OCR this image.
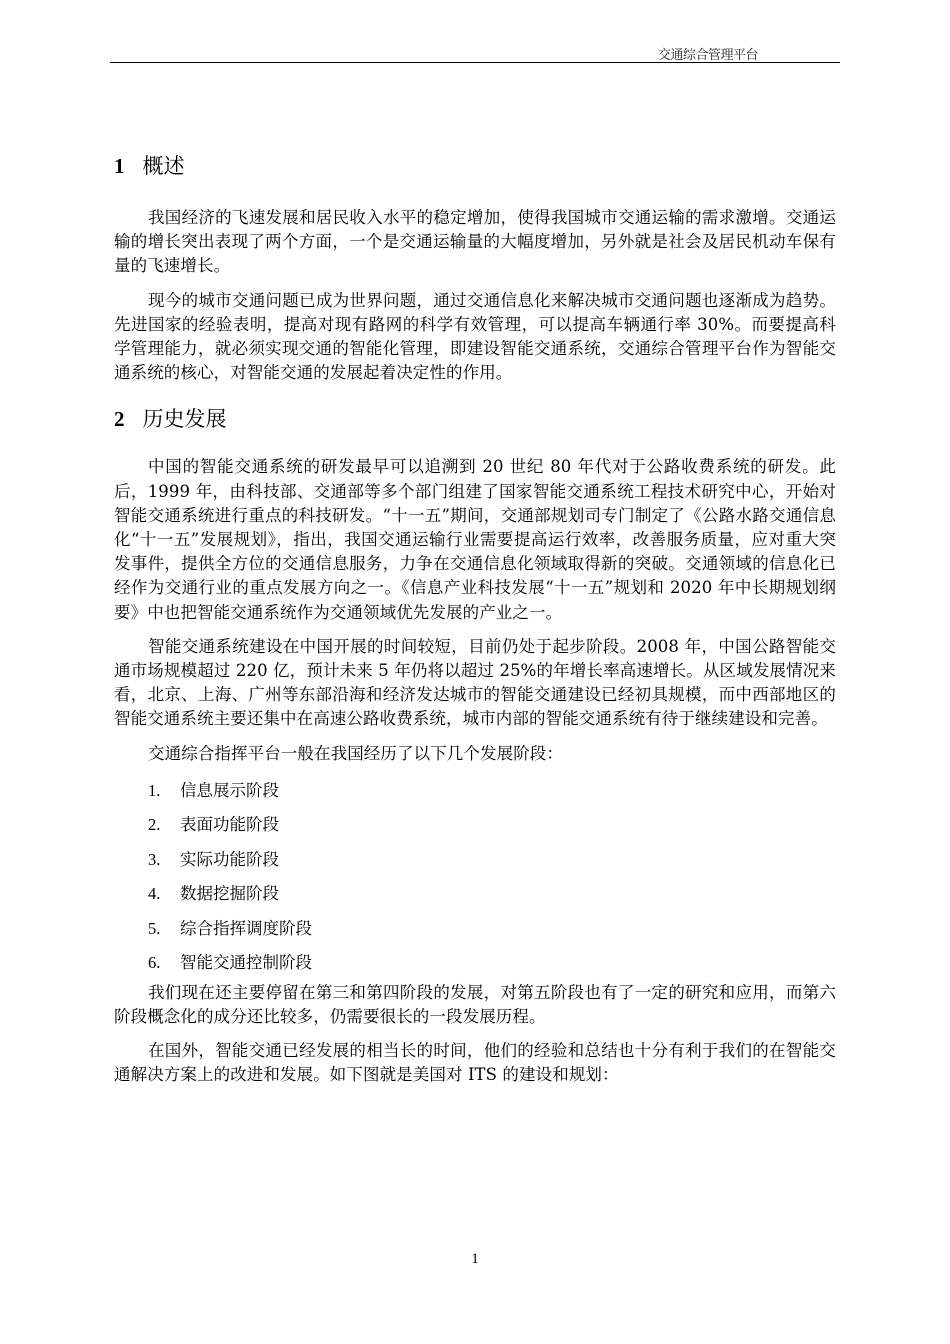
交通综合管理平台
1 概述

我国经济的飞速发展和居民收入水平的稳定增加，使得我国城市交通运输的需求激增。交通运输的增长突出表现了两个方面，一个是交通运输量的大幅度增加，另外就是社会及居民机动车保有量的飞速增长。

现今的城市交通问题已成为世界问题，通过交通信息化来解决城市交通问题也逐渐成为趋势。先进国家的经验表明，提高对现有路网的科学有效管理，可以提高车辆通行率 30%。而要提高科学管理能力，就必须实现交通的智能化管理，即建设智能交通系统，交通综合管理平台作为智能交通系统的核心，对智能交通的发展起着决定性的作用。

2 历史发展

中国的智能交通系统的研发最早可以追溯到 20 世纪 80 年代对于公路收费系统的研发。此后，1999 年，由科技部、交通部等多个部门组建了国家智能交通系统工程技术研究中心，开始对智能交通系统进行重点的科技研发。“十一五”期间，交通部规划司专门制定了《公路水路交通信息化“十一五”发展规划》，指出，我国交通运输行业需要提高运行效率，改善服务质量，应对重大突发事件，提供全方位的交通信息服务，力争在交通信息化领域取得新的突破。交通领域的信息化已经作为交通行业的重点发展方向之一。《信息产业科技发展“十一五”规划和 2020 年中长期规划纲要》中也把智能交通系统作为交通领域优先发展的产业之一。

智能交通系统建设在中国开展的时间较短，目前仍处于起步阶段。2008 年，中国公路智能交通市场规模超过 220 亿，预计未来 5 年仍将以超过 25%的年增长率高速增长。从区域发展情况来看，北京、上海、广州等东部沿海和经济发达城市的智能交通建设已经初具规模，而中西部地区的智能交通系统主要还集中在高速公路收费系统，城市内部的智能交通系统有待于继续建设和完善。

交通综合指挥平台一般在我国经历了以下几个发展阶段：

1. 信息展示阶段
2. 表面功能阶段
3. 实际功能阶段
4. 数据挖掘阶段
5. 综合指挥调度阶段
6. 智能交通控制阶段

我们现在还主要停留在第三和第四阶段的发展，对第五阶段也有了一定的研究和应用，而第六阶段概念化的成分还比较多，仍需要很长的一段发展历程。

在国外，智能交通已经发展的相当长的时间，他们的经验和总结也十分有利于我们的在智能交通解决方案上的改进和发展。如下图就是美国对 ITS 的建设和规划：

1
